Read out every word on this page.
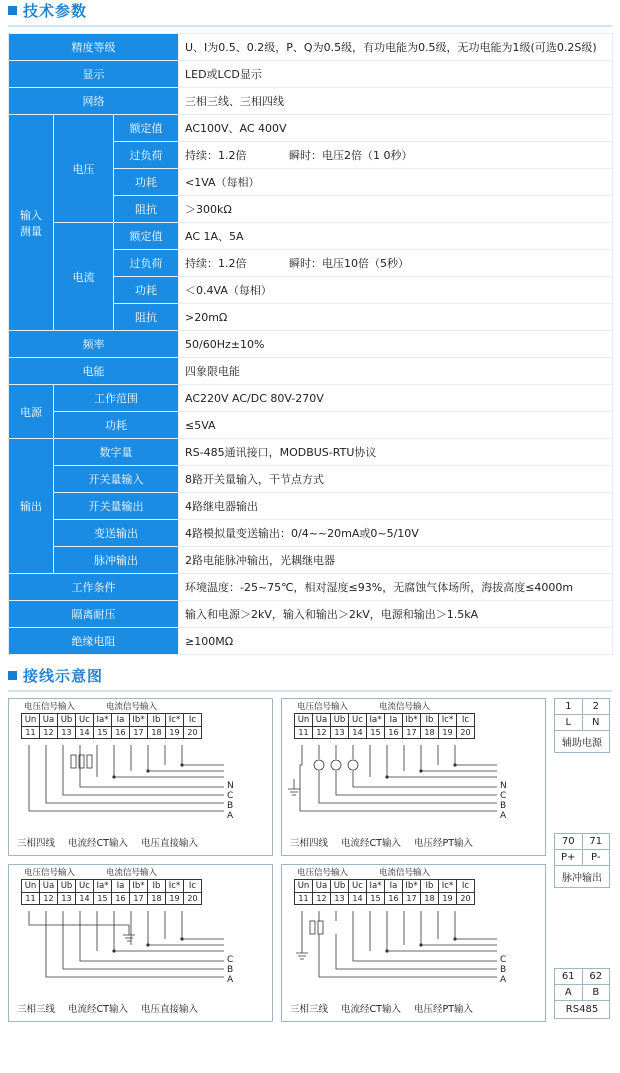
技术参数
精度等级			U、I为0.5、0.2级，P、Q为0.5级，有功电能为0.5级，无功电能为1级(可选0.2S级)
显示			LED或LCD显示
网络			三相三线、三相四线
输入
测量	电压	额定值	AC100V、AC 400V
		过负荷	持续：1.2倍 瞬时：电压2倍（1 0秒）
		功耗	<1VA（每相）
		阻抗	＞300kΩ
	电流	额定值	AC 1A、5A
		过负荷	持续：1.2倍 瞬时：电压10倍（5秒）
		功耗	＜0.4VA（每相）
		阻抗	>20mΩ
频率			50/60Hz±10%
电能			四象限电能
电源	工作范围		AC220V AC/DC 80V-270V
	功耗		≤5VA
输出	数字量		RS-485通讯接口，MODBUS-RTU协议
	开关量输入		8路开关量输入，干节点方式
	开关量输出		4路继电器输出
	变送输出		4路模拟量变送输出：0/4~~20mA或0~5/10V
	脉冲输出		2路电能脉冲输出，光耦继电器
工作条件			环境温度：-25~75℃，相对湿度≤93%，无腐蚀气体场所，海拔高度≤4000m
隔离耐压			输入和电源＞2kV，输入和输出＞2kV，电源和输出＞1.5kA
绝缘电阻			≥100MΩ
接线示意图
电压信号输入	电流信号输入
Un Ua Ub Uc Ia* Ia Ib* Ib Ic*	Ic
11 12 13 14 15 16 17 18 19 20
N
C
B
A
三相四线 电流经CT输入 电压直接输入
电压信号输入	电流信号输入
Un Ua Ub Uc Ia* Ia Ib* Ib Ic*	Ic
11 12 13 14 15 16 17 18 19 20
C
B
A
三相三线 电流经CT输入 电压直接输入
电压信号输入	电流信号输入
Un Ua Ub Uc Ia* Ia Ib* Ib Ic*	Ic
11 12 13 14 15 16 17 18 19 20
N
C
B
A
三相四线 电流经CT输入 电压经PT输入
电压信号输入	电流信号输入
Un Ua Ub Uc Ia* Ia Ib* Ib Ic*	Ic
11 12 13 14 15 16 17 18 19 20
C
B
A
三相三线 电流经CT输入 电压经PT输入
1	2
L	N
辅助电源
70	71
P+	P-
脉冲输出
61	62
A	B
RS485
